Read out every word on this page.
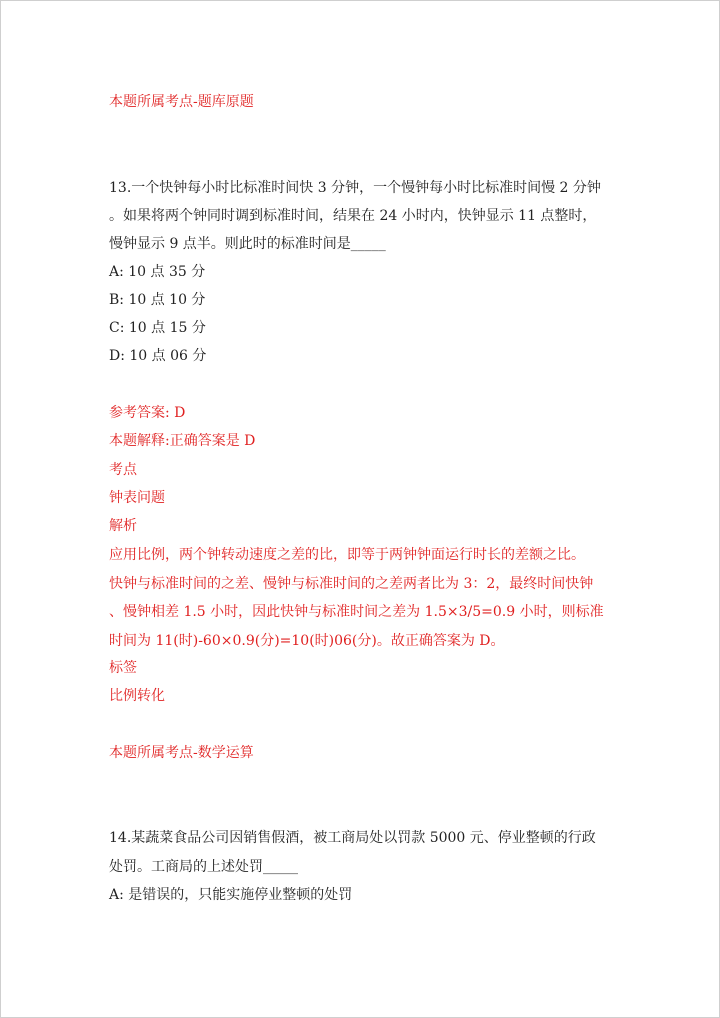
本题所属考点-题库原题
13.一个快钟每小时比标准时间快 3 分钟，一个慢钟每小时比标准时间慢 2 分钟
。如果将两个钟同时调到标准时间，结果在 24 小时内，快钟显示 11 点整时，
慢钟显示 9 点半。则此时的标准时间是_____
A: 10 点 35 分
B: 10 点 10 分
C: 10 点 15 分
D: 10 点 06 分
参考答案: D
本题解释:正确答案是 D
考点
钟表问题
解析
应用比例，两个钟转动速度之差的比，即等于两钟钟面运行时长的差额之比。
快钟与标准时间的之差、慢钟与标准时间的之差两者比为 3：2，最终时间快钟
、慢钟相差 1.5 小时，因此快钟与标准时间之差为 1.5×3/5=0.9 小时，则标准
时间为 11(时)-60×0.9(分)=10(时)06(分)。故正确答案为 D。
标签
比例转化
本题所属考点-数学运算
14.某蔬菜食品公司因销售假酒，被工商局处以罚款 5000 元、停业整顿的行政
处罚。工商局的上述处罚_____
A: 是错误的，只能实施停业整顿的处罚
